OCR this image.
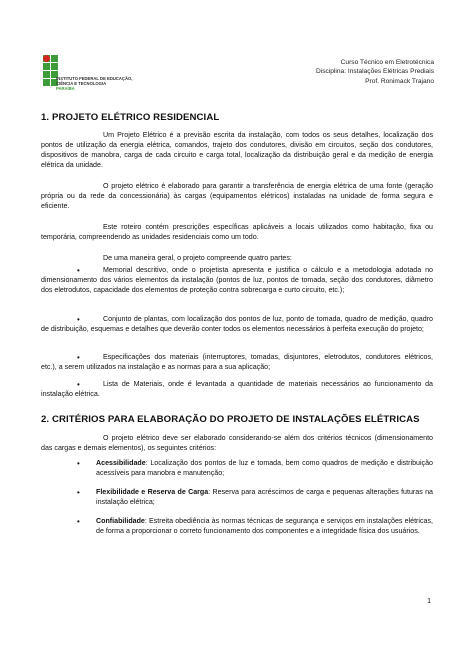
INSTITUTO FEDERAL DE EDUCAÇÃO, CIÊNCIA E TECNOLOGIA
PARAÍBA
Curso Técnico em Eletrotécnica
Disciplina: Instalações Elétricas Prediais
Prof. Ronimack Trajano
1. PROJETO ELÉTRICO RESIDENCIAL
Um Projeto Elétrico é a previsão escrita da instalação, com todos os seus detalhes, localização dos pontos de utilização da energia elétrica, comandos, trajeto dos condutores, divisão em circuitos, seção dos condutores, dispositivos de manobra, carga de cada circuito e carga total, localização da distribuição geral e da medição de energia elétrica da unidade.
O projeto elétrico é elaborado para garantir a transferência de energia elétrica de uma fonte (geração própria ou da rede da concessionária) às cargas (equipamentos elétricos) instaladas na unidade de forma segura e eficiente.
Este roteiro contém prescrições específicas aplicáveis a locais utilizados como habitação, fixa ou temporária, compreendendo as unidades residenciais como um todo.
De uma maneira geral, o projeto compreende quatro partes:
•	Memorial descritivo, onde o projetista apresenta e justifica o cálculo e a metodologia adotada no dimensionamento dos vários elementos da instalação (pontos de luz, pontos de tomada, seção dos condutores, diâmetro dos eletrodutos, capacidade dos elementos de proteção contra sobrecarga e curto circuito, etc.);
•	Conjunto de plantas, com localização dos pontos de luz, ponto de tomada, quadro de medição, quadro de distribuição, esquemas e detalhes que deverão conter todos os elementos necessários à perfeita execução do projeto;
•	Especificações dos materiais (interruptores, tomadas, disjuntores, eletrodutos, condutores elétricos, etc.), a serem utilizados na instalação e as normas para a sua aplicação;
•	Lista de Materiais, onde é levantada a quantidade de materiais necessários ao funcionamento da instalação elétrica.
2. CRITÉRIOS PARA ELABORAÇÃO DO PROJETO DE INSTALAÇÕES ELÉTRICAS
O projeto elétrico deve ser elaborado considerando-se além dos critérios técnicos (dimensionamento das cargas e demais elementos), os seguintes critérios:
• Acessibilidade: Localização dos pontos de luz e tomada, bem como quadros de medição e distribuição acessíveis para manobra e manutenção;
• Flexibilidade e Reserva de Carga: Reserva para acréscimos de carga e pequenas alterações futuras na instalação elétrica;
• Confiabilidade: Estreita obediência às normas técnicas de segurança e serviços em instalações elétricas, de forma a proporcionar o correto funcionamento dos componentes e a integridade física dos usuários.
1
